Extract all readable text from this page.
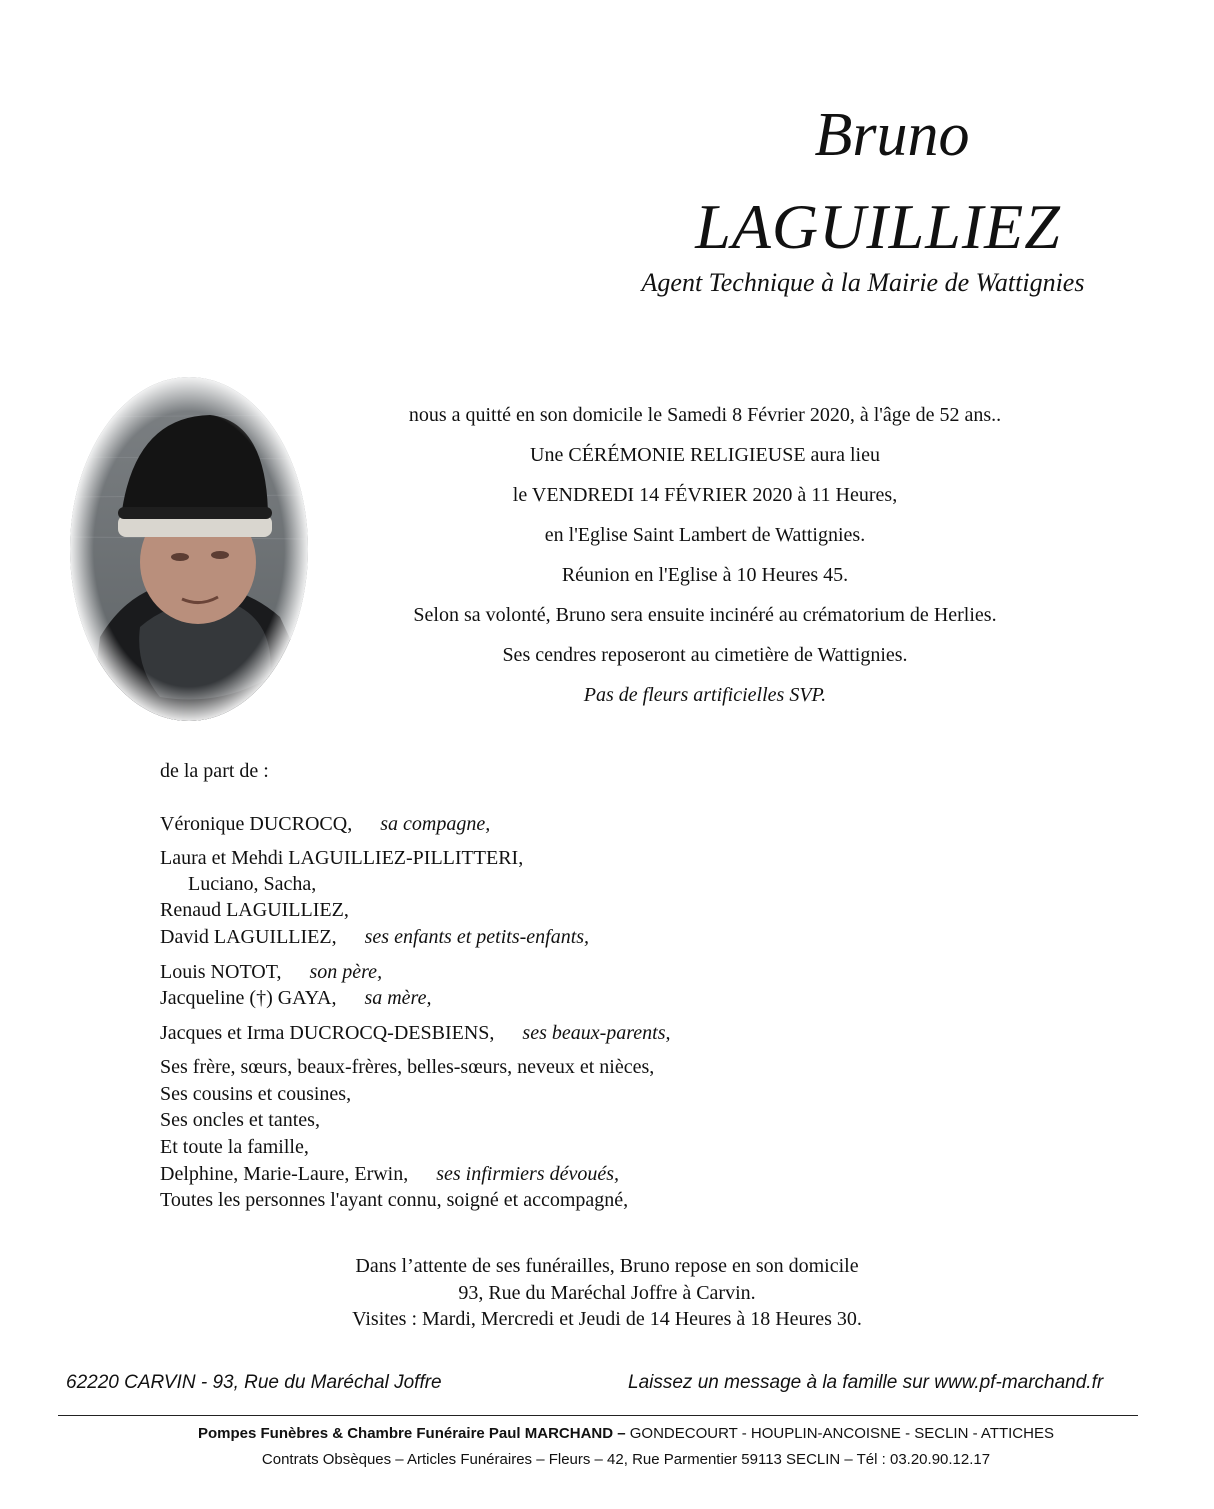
Bruno
LAGUILLIEZ
Agent Technique à la Mairie de Wattignies
nous a quitté en son domicile le Samedi 8 Février 2020, à l'âge de 52 ans..
Une CÉRÉMONIE RELIGIEUSE aura lieu
le VENDREDI 14 FÉVRIER 2020 à 11 Heures,
en l'Eglise Saint Lambert de Wattignies.
Réunion en l'Eglise à 10 Heures 45.
Selon sa volonté, Bruno sera ensuite incinéré au crématorium de Herlies.
Ses cendres reposeront au cimetière de Wattignies.
Pas de fleurs artificielles SVP.
de la part de :
Véronique DUCROCQ, sa compagne,
Laura et Mehdi LAGUILLIEZ-PILLITTERI,
Luciano, Sacha,
Renaud LAGUILLIEZ,
David LAGUILLIEZ, ses enfants et petits-enfants,
Louis NOTOT, son père,
Jacqueline (†) GAYA, sa mère,
Jacques et Irma DUCROCQ-DESBIENS, ses beaux-parents,
Ses frère, sœurs, beaux-frères, belles-sœurs, neveux et nièces,
Ses cousins et cousines,
Ses oncles et tantes,
Et toute la famille,
Delphine, Marie-Laure, Erwin, ses infirmiers dévoués,
Toutes les personnes l'ayant connu, soigné et accompagné,
Dans l’attente de ses funérailles, Bruno repose en son domicile
93, Rue du Maréchal Joffre à Carvin.
Visites : Mardi, Mercredi et Jeudi de 14 Heures à 18 Heures 30.
62220 CARVIN - 93, Rue du Maréchal Joffre	Laissez un message à la famille sur www.pf-marchand.fr
Pompes Funèbres & Chambre Funéraire Paul MARCHAND – GONDECOURT - HOUPLIN-ANCOISNE - SECLIN - ATTICHES
Contrats Obsèques – Articles Funéraires – Fleurs – 42, Rue Parmentier 59113 SECLIN – Tél : 03.20.90.12.17
